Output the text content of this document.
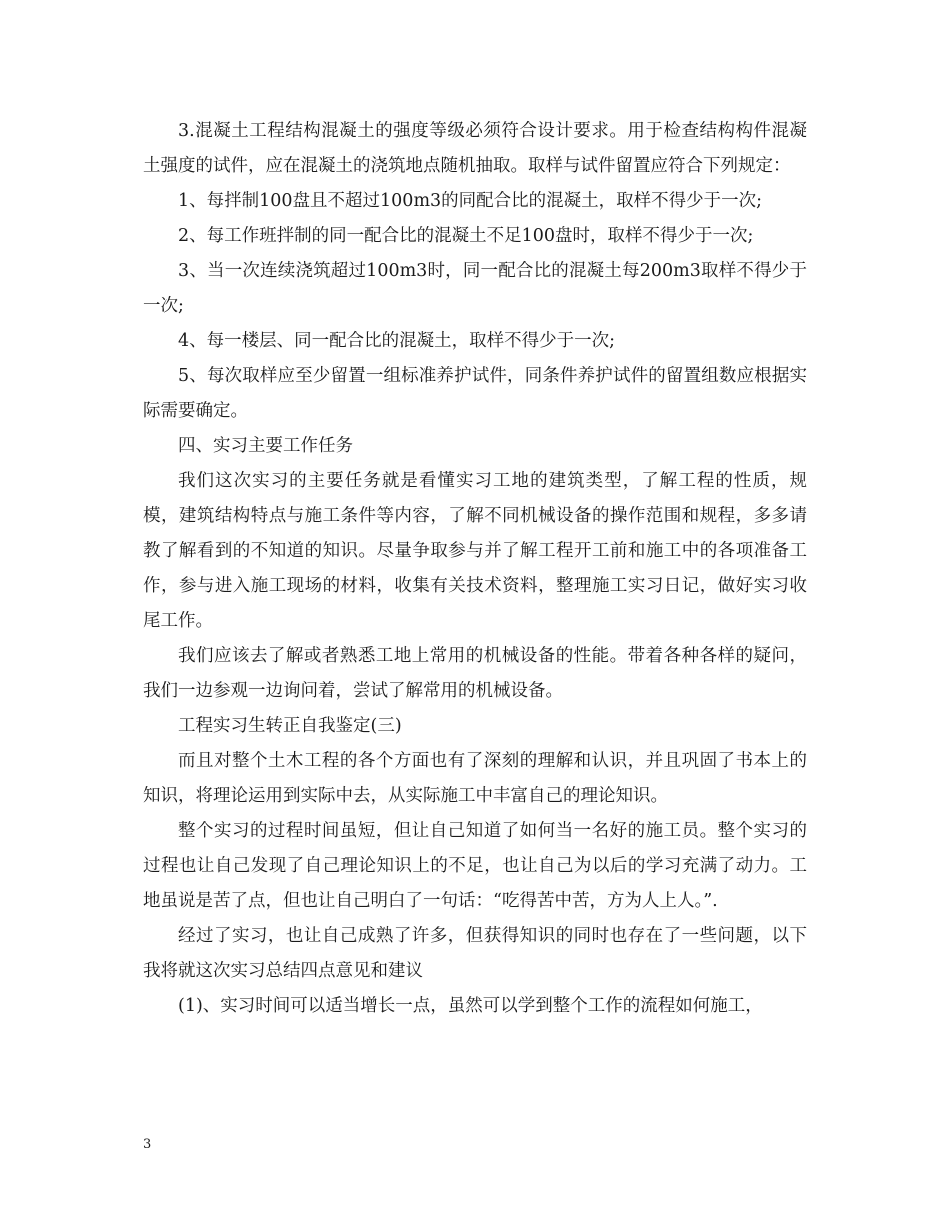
3.混凝土工程结构混凝土的强度等级必须符合设计要求。用于检查结构构件混凝土强度的试件，应在混凝土的浇筑地点随机抽取。取样与试件留置应符合下列规定：

1、每拌制100盘且不超过100m3的同配合比的混凝土，取样不得少于一次;

2、每工作班拌制的同一配合比的混凝土不足100盘时，取样不得少于一次;

3、当一次连续浇筑超过100m3时，同一配合比的混凝土每200m3取样不得少于一次;

4、每一楼层、同一配合比的混凝土，取样不得少于一次;

5、每次取样应至少留置一组标准养护试件，同条件养护试件的留置组数应根据实际需要确定。

四、实习主要工作任务

我们这次实习的主要任务就是看懂实习工地的建筑类型，了解工程的性质，规模，建筑结构特点与施工条件等内容，了解不同机械设备的操作范围和规程，多多请教了解看到的不知道的知识。尽量争取参与并了解工程开工前和施工中的各项准备工作，参与进入施工现场的材料，收集有关技术资料，整理施工实习日记，做好实习收尾工作。

我们应该去了解或者熟悉工地上常用的机械设备的性能。带着各种各样的疑问，我们一边参观一边询问着，尝试了解常用的机械设备。

工程实习生转正自我鉴定(三)

而且对整个土木工程的各个方面也有了深刻的理解和认识，并且巩固了书本上的知识，将理论运用到实际中去，从实际施工中丰富自己的理论知识。

整个实习的过程时间虽短，但让自己知道了如何当一名好的施工员。整个实习的过程也让自己发现了自己理论知识上的不足，也让自己为以后的学习充满了动力。工地虽说是苦了点，但也让自己明白了一句话：“吃得苦中苦，方为人上人。”.

经过了实习，也让自己成熟了许多，但获得知识的同时也存在了一些问题，以下我将就这次实习总结四点意见和建议

(1)、实习时间可以适当增长一点，虽然可以学到整个工作的流程如何施工，

3
